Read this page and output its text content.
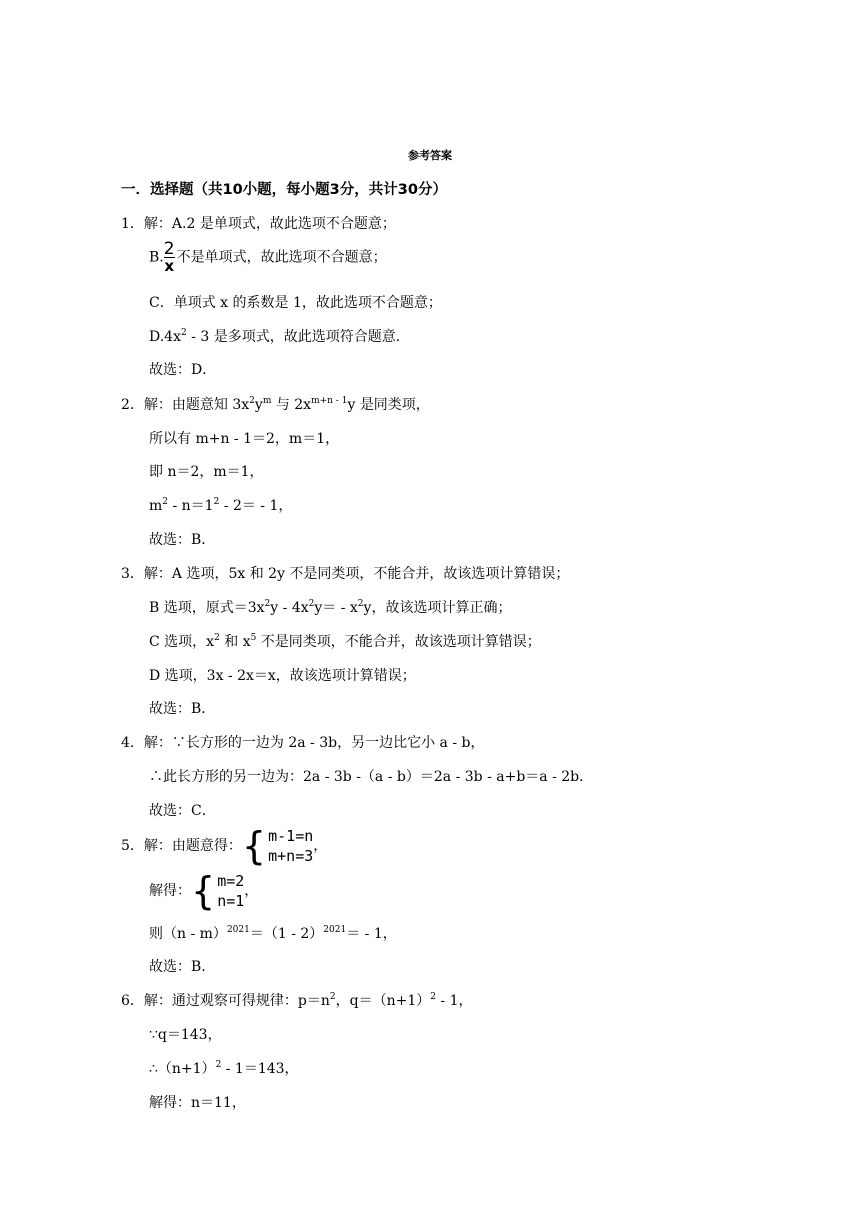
参考答案
一．选择题（共10小题，每小题3分，共计30分）
1．解：A.2 是单项式，故此选项不合题意；
B. $\frac{2}{x}$ 不是单项式，故此选项不合题意；
C．单项式 x 的系数是 1，故此选项不合题意；
$D.4x^2 - 3$ 是多项式，故此选项符合题意．
故选：D．
2．解：由题意知 $3x^2y^m$ 与 $2x^{m+n - 1}y$ 是同类项，
所以有 m+n - 1＝2，m＝1，
即 n＝2，m＝1，
$m^2 - n=1^2 - 2= - 1$，
故选：B．
3．解：A 选项，5x 和 2y 不是同类项，不能合并，故该选项计算错误；
B 选项，原式$=3x^2y - 4x^2y= - x^2y$，故该选项计算正确；
C 选项，$x^2$ 和 $x^5$ 不是同类项，不能合并，故该选项计算错误；
D 选项，3x - 2x＝x，故该选项计算错误；
故选：B．
4．解：∵长方形的一边为 2a - 3b，另一边比它小 a - b，
∴此长方形的另一边为：2a - 3b -（a - b）＝2a - 3b - a+b＝a - 2b．
故选：C．
5．解：由题意得： { m-1=n
m+n=3
，
解得： { m=2
n=1
，
则（n - m）$^{2021}$＝（1 - 2）$^{2021}$＝ - 1，
故选：B．
6．解：通过观察可得规律：$p=n^2$，$q=(n+1)^2 - 1$，
∵q＝143，
$\therefore(n+1)^2 - 1=143$，
解得：n＝11，
